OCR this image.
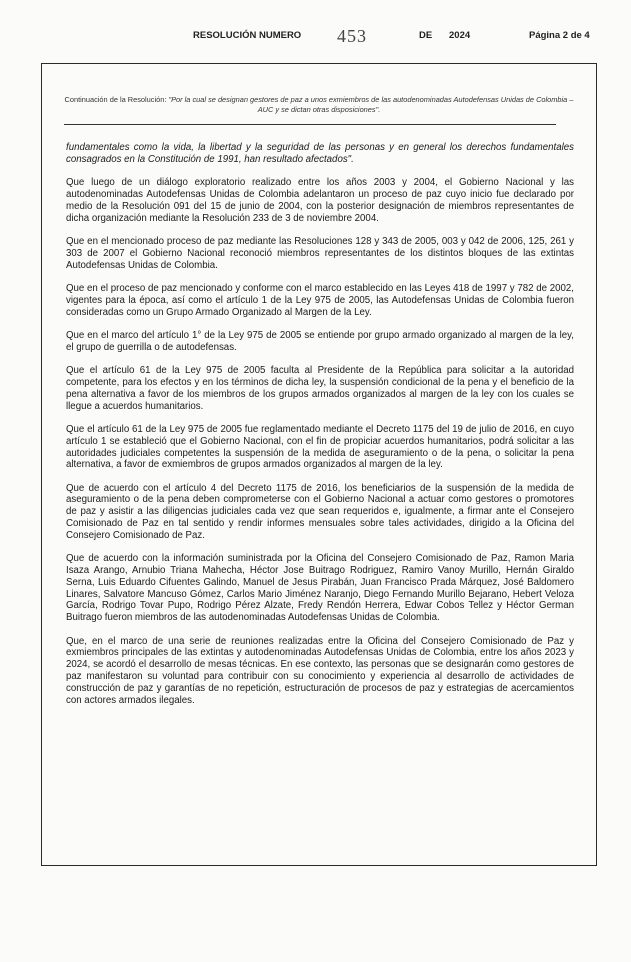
RESOLUCIÓN NUMERO 453	DE 2024	Página 2 de 4
Continuación de la Resolución: "Por la cual se designan gestores de paz a unos exmiembros de las autodenominadas Autodefensas Unidas de Colombia – AUC y se dictan otras disposiciones".

fundamentales como la vida, la libertad y la seguridad de las personas y en general los derechos fundamentales consagrados en la Constitución de 1991, han resultado afectados".

Que luego de un diálogo exploratorio realizado entre los años 2003 y 2004, el Gobierno Nacional y las autodenominadas Autodefensas Unidas de Colombia adelantaron un proceso de paz cuyo inicio fue declarado por medio de la Resolución 091 del 15 de junio de 2004, con la posterior designación de miembros representantes de dicha organización mediante la Resolución 233 de 3 de noviembre 2004.

Que en el mencionado proceso de paz mediante las Resoluciones 128 y 343 de 2005, 003 y 042 de 2006, 125, 261 y 303 de 2007 el Gobierno Nacional reconoció miembros representantes de los distintos bloques de las extintas Autodefensas Unidas de Colombia.

Que en el proceso de paz mencionado y conforme con el marco establecido en las Leyes 418 de 1997 y 782 de 2002, vigentes para la época, así como el artículo 1 de la Ley 975 de 2005, las Autodefensas Unidas de Colombia fueron consideradas como un Grupo Armado Organizado al Margen de la Ley.

Que en el marco del artículo 1° de la Ley 975 de 2005 se entiende por grupo armado organizado al margen de la ley, el grupo de guerrilla o de autodefensas.

Que el artículo 61 de la Ley 975 de 2005 faculta al Presidente de la República para solicitar a la autoridad competente, para los efectos y en los términos de dicha ley, la suspensión condicional de la pena y el beneficio de la pena alternativa a favor de los miembros de los grupos armados organizados al margen de la ley con los cuales se llegue a acuerdos humanitarios.

Que el artículo 61 de la Ley 975 de 2005 fue reglamentado mediante el Decreto 1175 del 19 de julio de 2016, en cuyo artículo 1 se estableció que el Gobierno Nacional, con el fin de propiciar acuerdos humanitarios, podrá solicitar a las autoridades judiciales competentes la suspensión de la medida de aseguramiento o de la pena, o solicitar la pena alternativa, a favor de exmiembros de grupos armados organizados al margen de la ley.

Que de acuerdo con el artículo 4 del Decreto 1175 de 2016, los beneficiarios de la suspensión de la medida de aseguramiento o de la pena deben comprometerse con el Gobierno Nacional a actuar como gestores o promotores de paz y asistir a las diligencias judiciales cada vez que sean requeridos e, igualmente, a firmar ante el Consejero Comisionado de Paz en tal sentido y rendir informes mensuales sobre tales actividades, dirigido a la Oficina del Consejero Comisionado de Paz.

Que de acuerdo con la información suministrada por la Oficina del Consejero Comisionado de Paz, Ramon Maria Isaza Arango, Arnubio Triana Mahecha, Héctor Jose Buitrago Rodriguez, Ramiro Vanoy Murillo, Hernán Giraldo Serna, Luis Eduardo Cifuentes Galindo, Manuel de Jesus Pirabán, Juan Francisco Prada Márquez, José Baldomero Linares, Salvatore Mancuso Gómez, Carlos Mario Jiménez Naranjo, Diego Fernando Murillo Bejarano, Hebert Veloza García, Rodrigo Tovar Pupo, Rodrigo Pérez Alzate, Fredy Rendón Herrera, Edwar Cobos Tellez y Héctor German Buitrago fueron miembros de las autodenominadas Autodefensas Unidas de Colombia.

Que, en el marco de una serie de reuniones realizadas entre la Oficina del Consejero Comisionado de Paz y exmiembros principales de las extintas y autodenominadas Autodefensas Unidas de Colombia, entre los años 2023 y 2024, se acordó el desarrollo de mesas técnicas. En ese contexto, las personas que se designarán como gestores de paz manifestaron su voluntad para contribuir con su conocimiento y experiencia al desarrollo de actividades de construcción de paz y garantías de no repetición, estructuración de procesos de paz y estrategias de acercamientos con actores armados ilegales.
